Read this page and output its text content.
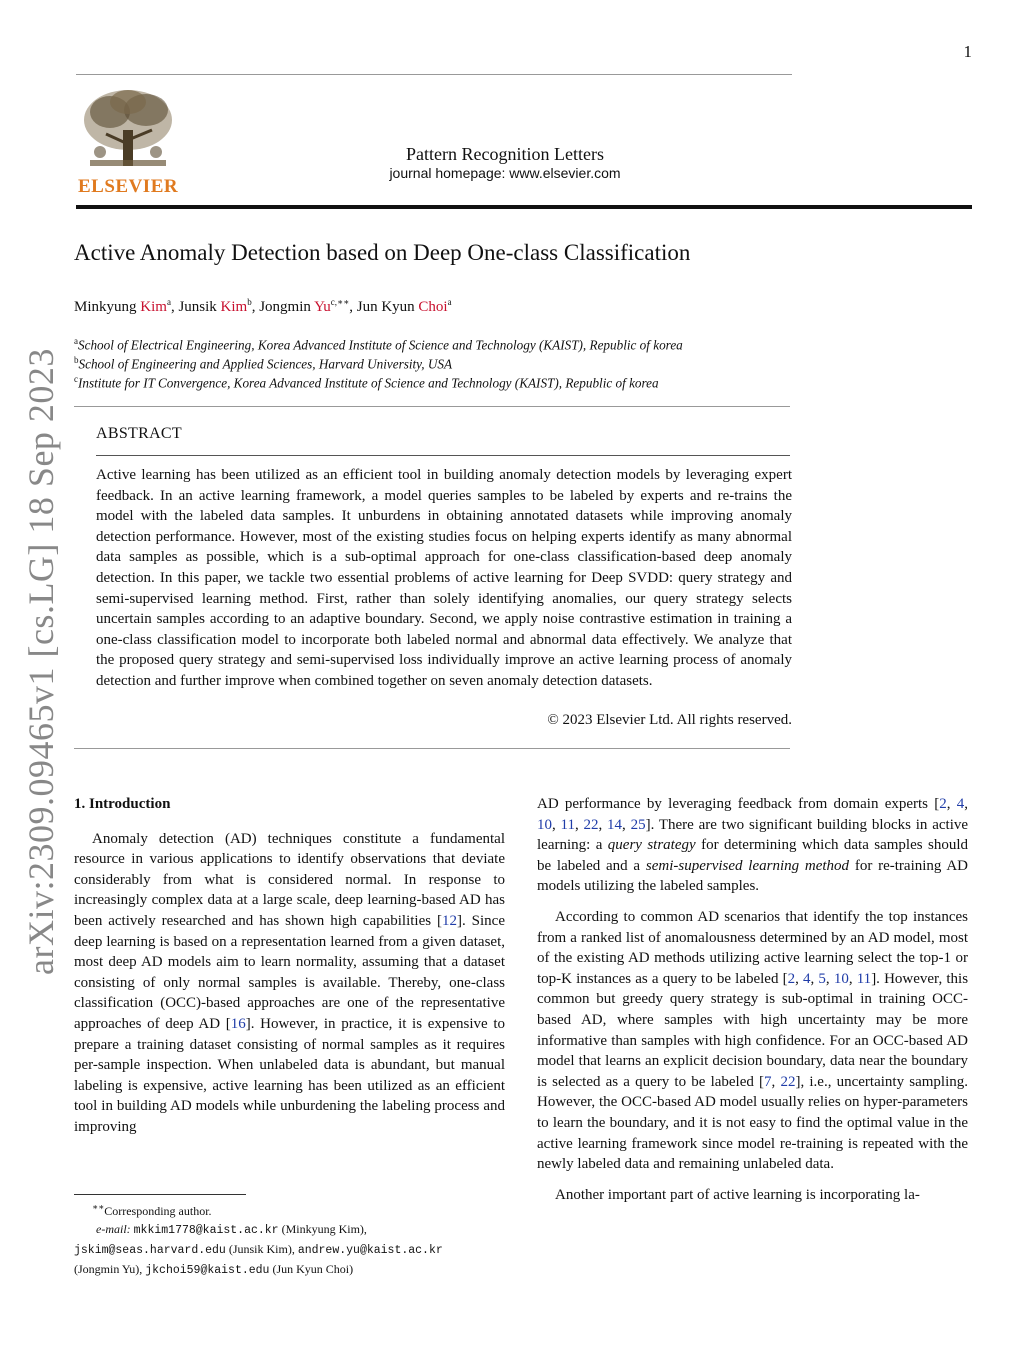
1
ELSEVIER
Pattern Recognition Letters
journal homepage: www.elsevier.com
Active Anomaly Detection based on Deep One-class Classification
Minkyung Kim$^a$, Junsik Kim$^b$, Jongmin $Yu^{c,∗∗}$, Jun Kyun Choi$^a$
$^a$School of Electrical Engineering, Korea Advanced Institute of Science and Technology (KAIST), Republic of korea
$^b$School of Engineering and Applied Sciences, Harvard University, USA
$^c$Institute for IT Convergence, Korea Advanced Institute of Science and Technology (KAIST), Republic of korea
ABSTRACT
Active learning has been utilized as an efficient tool in building anomaly detection models by leveraging expert feedback. In an active learning framework, a model queries samples to be labeled by experts and re-trains the model with the labeled data samples. It unburdens in obtaining annotated datasets while improving anomaly detection performance. However, most of the existing studies focus on helping experts identify as many abnormal data samples as possible, which is a sub-optimal approach for one-class classification-based deep anomaly detection. In this paper, we tackle two essential problems of active learning for Deep SVDD: query strategy and semi-supervised learning method. First, rather than solely identifying anomalies, our query strategy selects uncertain samples according to an adaptive boundary. Second, we apply noise contrastive estimation in training a one-class classification model to incorporate both labeled normal and abnormal data effectively. We analyze that the proposed query strategy and semi-supervised loss individually improve an active learning process of anomaly detection and further improve when combined together on seven anomaly detection datasets.
© 2023 Elsevier Ltd. All rights reserved.
1. Introduction

Anomaly detection (AD) techniques constitute a fundamental resource in various applications to identify observations that deviate considerably from what is considered normal. In response to increasingly complex data at a large scale, deep learning-based AD has been actively researched and has shown high capabilities [12]. Since deep learning is based on a representation learned from a given dataset, most deep AD models aim to learn normality, assuming that a dataset consisting of only normal samples is available. Thereby, one-class classification (OCC)-based approaches are one of the representative approaches of deep AD [16]. However, in practice, it is expensive to prepare a training dataset consisting of normal samples as it requires per-sample inspection. When unlabeled data is abundant, but manual labeling is expensive, active learning has been utilized as an efficient tool in building AD models while unburdening the labeling process and improving

AD performance by leveraging feedback from domain experts [2, 4, 10, 11, 22, 14, 25]. There are two significant building blocks in active learning: a query strategy for determining which data samples should be labeled and a semi-supervised learning method for re-training AD models utilizing the labeled samples.

According to common AD scenarios that identify the top instances from a ranked list of anomalousness determined by an AD model, most of the existing AD methods utilizing active learning select the top-1 or top-K instances as a query to be labeled [2, 4, 5, 10, 11]. However, this common but greedy query strategy is sub-optimal in training OCC-based AD, where samples with high uncertainty may be more informative than samples with high confidence. For an OCC-based AD model that learns an explicit decision boundary, data near the boundary is selected as a query to be labeled [7, 22], i.e., uncertainty sampling. However, the OCC-based AD model usually relies on hyper-parameters to learn the boundary, and it is not easy to find the optimal value in the active learning framework since model re-training is repeated with the newly labeled data and remaining unlabeled data.

Another important part of active learning is incorporating la-

∗∗Corresponding author.
e-mail: mkkim1778@kaist.ac.kr (Minkyung Kim),
jskim@seas.harvard.edu (Junsik Kim), andrew.yu@kaist.ac.kr
(Jongmin Yu), jkchoi59@kaist.edu (Jun Kyun Choi)
arXiv:2309.09465v1 [cs.LG] 18 Sep 2023
